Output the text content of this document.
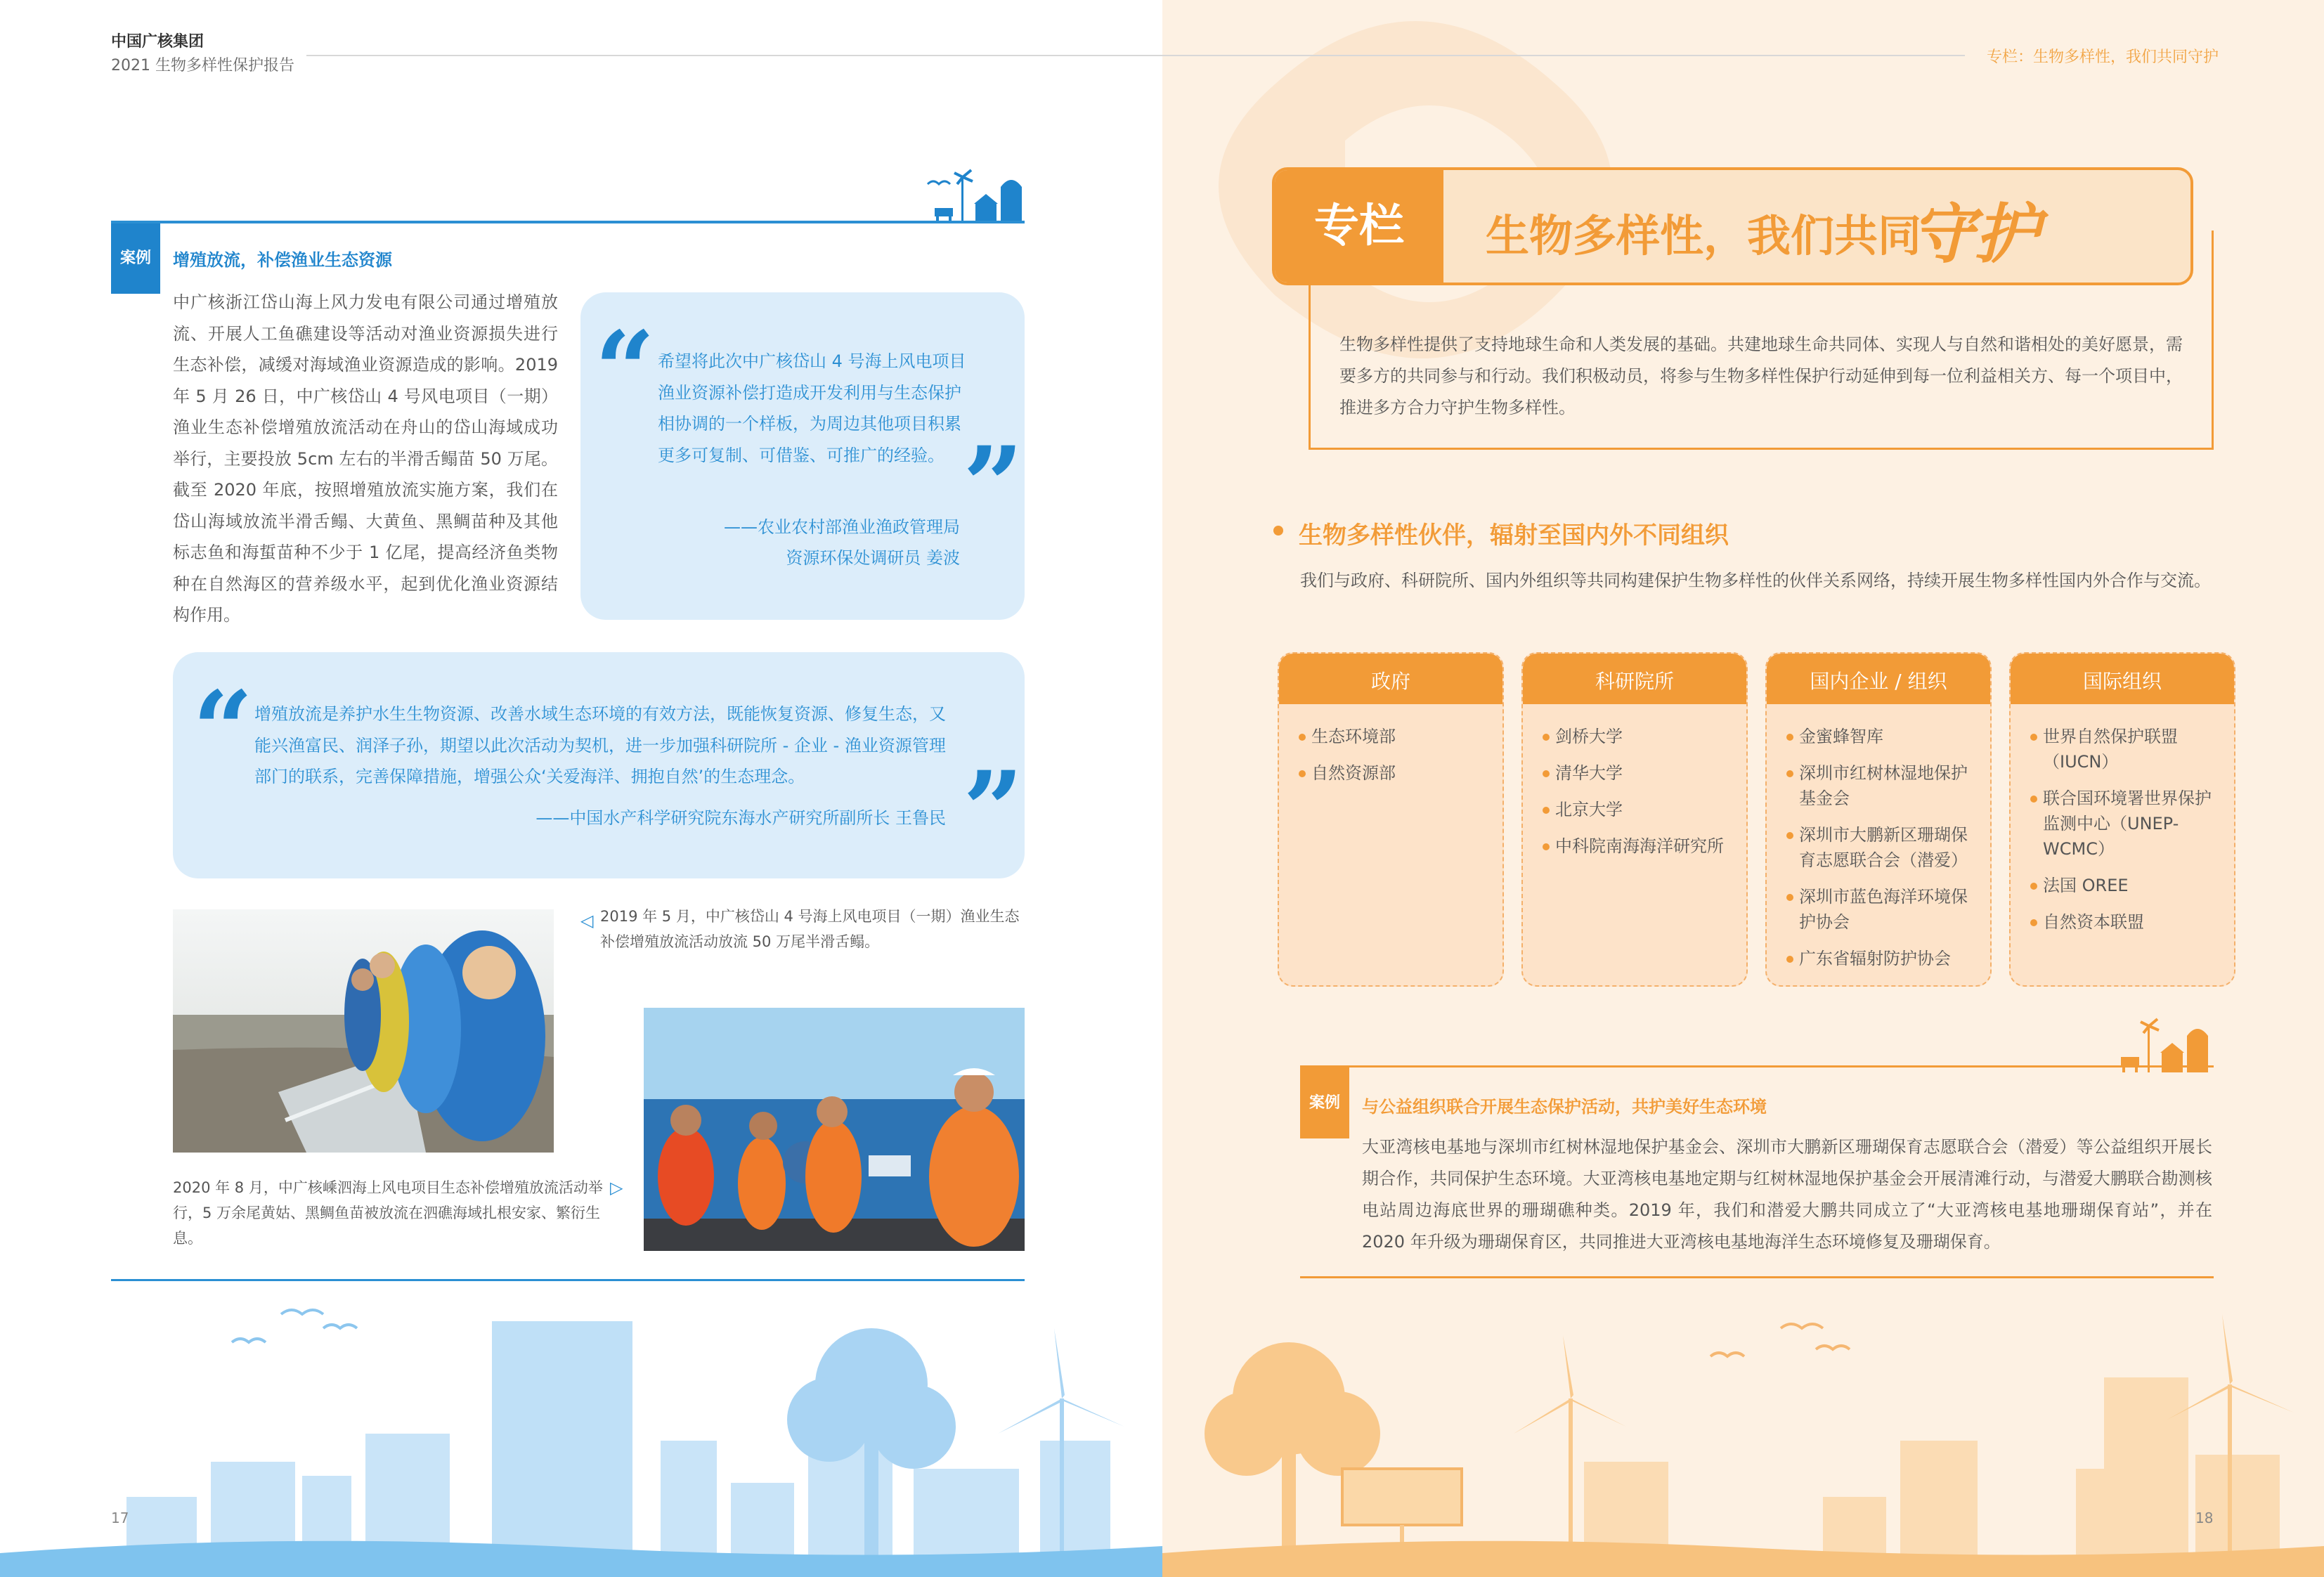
中国广核集团
2021 生物多样性保护报告
案例	增殖放流，补偿渔业生态资源
中广核浙江岱山海上风力发电有限公司通过增殖放流、开展人工鱼礁建设等活动对渔业资源损失进行生态补偿，减缓对海域渔业资源造成的影响。2019 年 5 月 26 日，中广核岱山 4 号风电项目（一期）渔业生态补偿增殖放流活动在舟山的岱山海域成功举行，主要投放 5cm 左右的半滑舌鳎苗 50 万尾。截至 2020 年底，按照增殖放流实施方案，我们在岱山海域放流半滑舌鳎、大黄鱼、黑鲷苗种及其他标志鱼和海蜇苗种不少于 1 亿尾，提高经济鱼类物种在自然海区的营养级水平，起到优化渔业资源结构作用。
“ 希望将此次中广核岱山 4 号海上风电项目渔业资源补偿打造成开发利用与生态保护相协调的一个样板，为周边其他项目积累更多可复制、可借鉴、可推广的经验。 ”
——农业农村部渔业渔政管理局
资源环保处调研员 姜波
“ 增殖放流是养护水生生物资源、改善水域生态环境的有效方法，既能恢复资源、修复生态，又能兴渔富民、润泽子孙，期望以此次活动为契机，进一步加强科研院所 - 企业 - 渔业资源管理部门的联系，完善保障措施，增强公众‘关爱海洋、拥抱自然’的生态理念。	”
——中国水产科学研究院东海水产研究所副所长 王鲁民
◁ 2019 年 5 月，中广核岱山 4 号海上风电项目（一期）渔业生态补偿增殖放流活动放流 50 万尾半滑舌鳎。
2020 年 8 月，中广核嵊泗海上风电项目生态补偿增殖放流活动举行，5 万余尾黄姑、黑鲷鱼苗被放流在泗礁海域扎根安家、繁衍生息。
▷
17
专栏：生物多样性，我们共同守护
专栏	生物多样性，我们共同
守护
生物多样性提供了支持地球生命和人类发展的基础。共建地球生命共同体、实现人与自然和谐相处的美好愿景，需要多方的共同参与和行动。我们积极动员，将参与生物多样性保护行动延伸到每一位利益相关方、每一个项目中，推进多方合力守护生物多样性。
生物多样性伙伴，辐射至国内外不同组织
我们与政府、科研院所、国内外组织等共同构建保护生物多样性的伙伴关系网络，持续开展生物多样性国内外合作与交流。
政府
生态环境部
自然资源部
科研院所
剑桥大学
清华大学
北京大学
中科院南海海洋研究所
国内企业 / 组织
金蜜蜂智库
深圳市红树林湿地保护基金会
深圳市大鹏新区珊瑚保育志愿联合会（潜爱）
深圳市蓝色海洋环境保护协会
广东省辐射防护协会
国际组织
世界自然保护联盟（IUCN）
联合国环境署世界保护监测中心（UNEP-WCMC）
法国 OREE
自然资本联盟
案例	与公益组织联合开展生态保护活动，共护美好生态环境
大亚湾核电基地与深圳市红树林湿地保护基金会、深圳市大鹏新区珊瑚保育志愿联合会（潜爱）等公益组织开展长期合作，共同保护生态环境。大亚湾核电基地定期与红树林湿地保护基金会开展清滩行动，与潜爱大鹏联合勘测核电站周边海底世界的珊瑚礁种类。2019 年，我们和潜爱大鹏共同成立了“大亚湾核电基地珊瑚保育站”，并在 2020 年升级为珊瑚保育区，共同推进大亚湾核电基地海洋生态环境修复及珊瑚保育。
18
